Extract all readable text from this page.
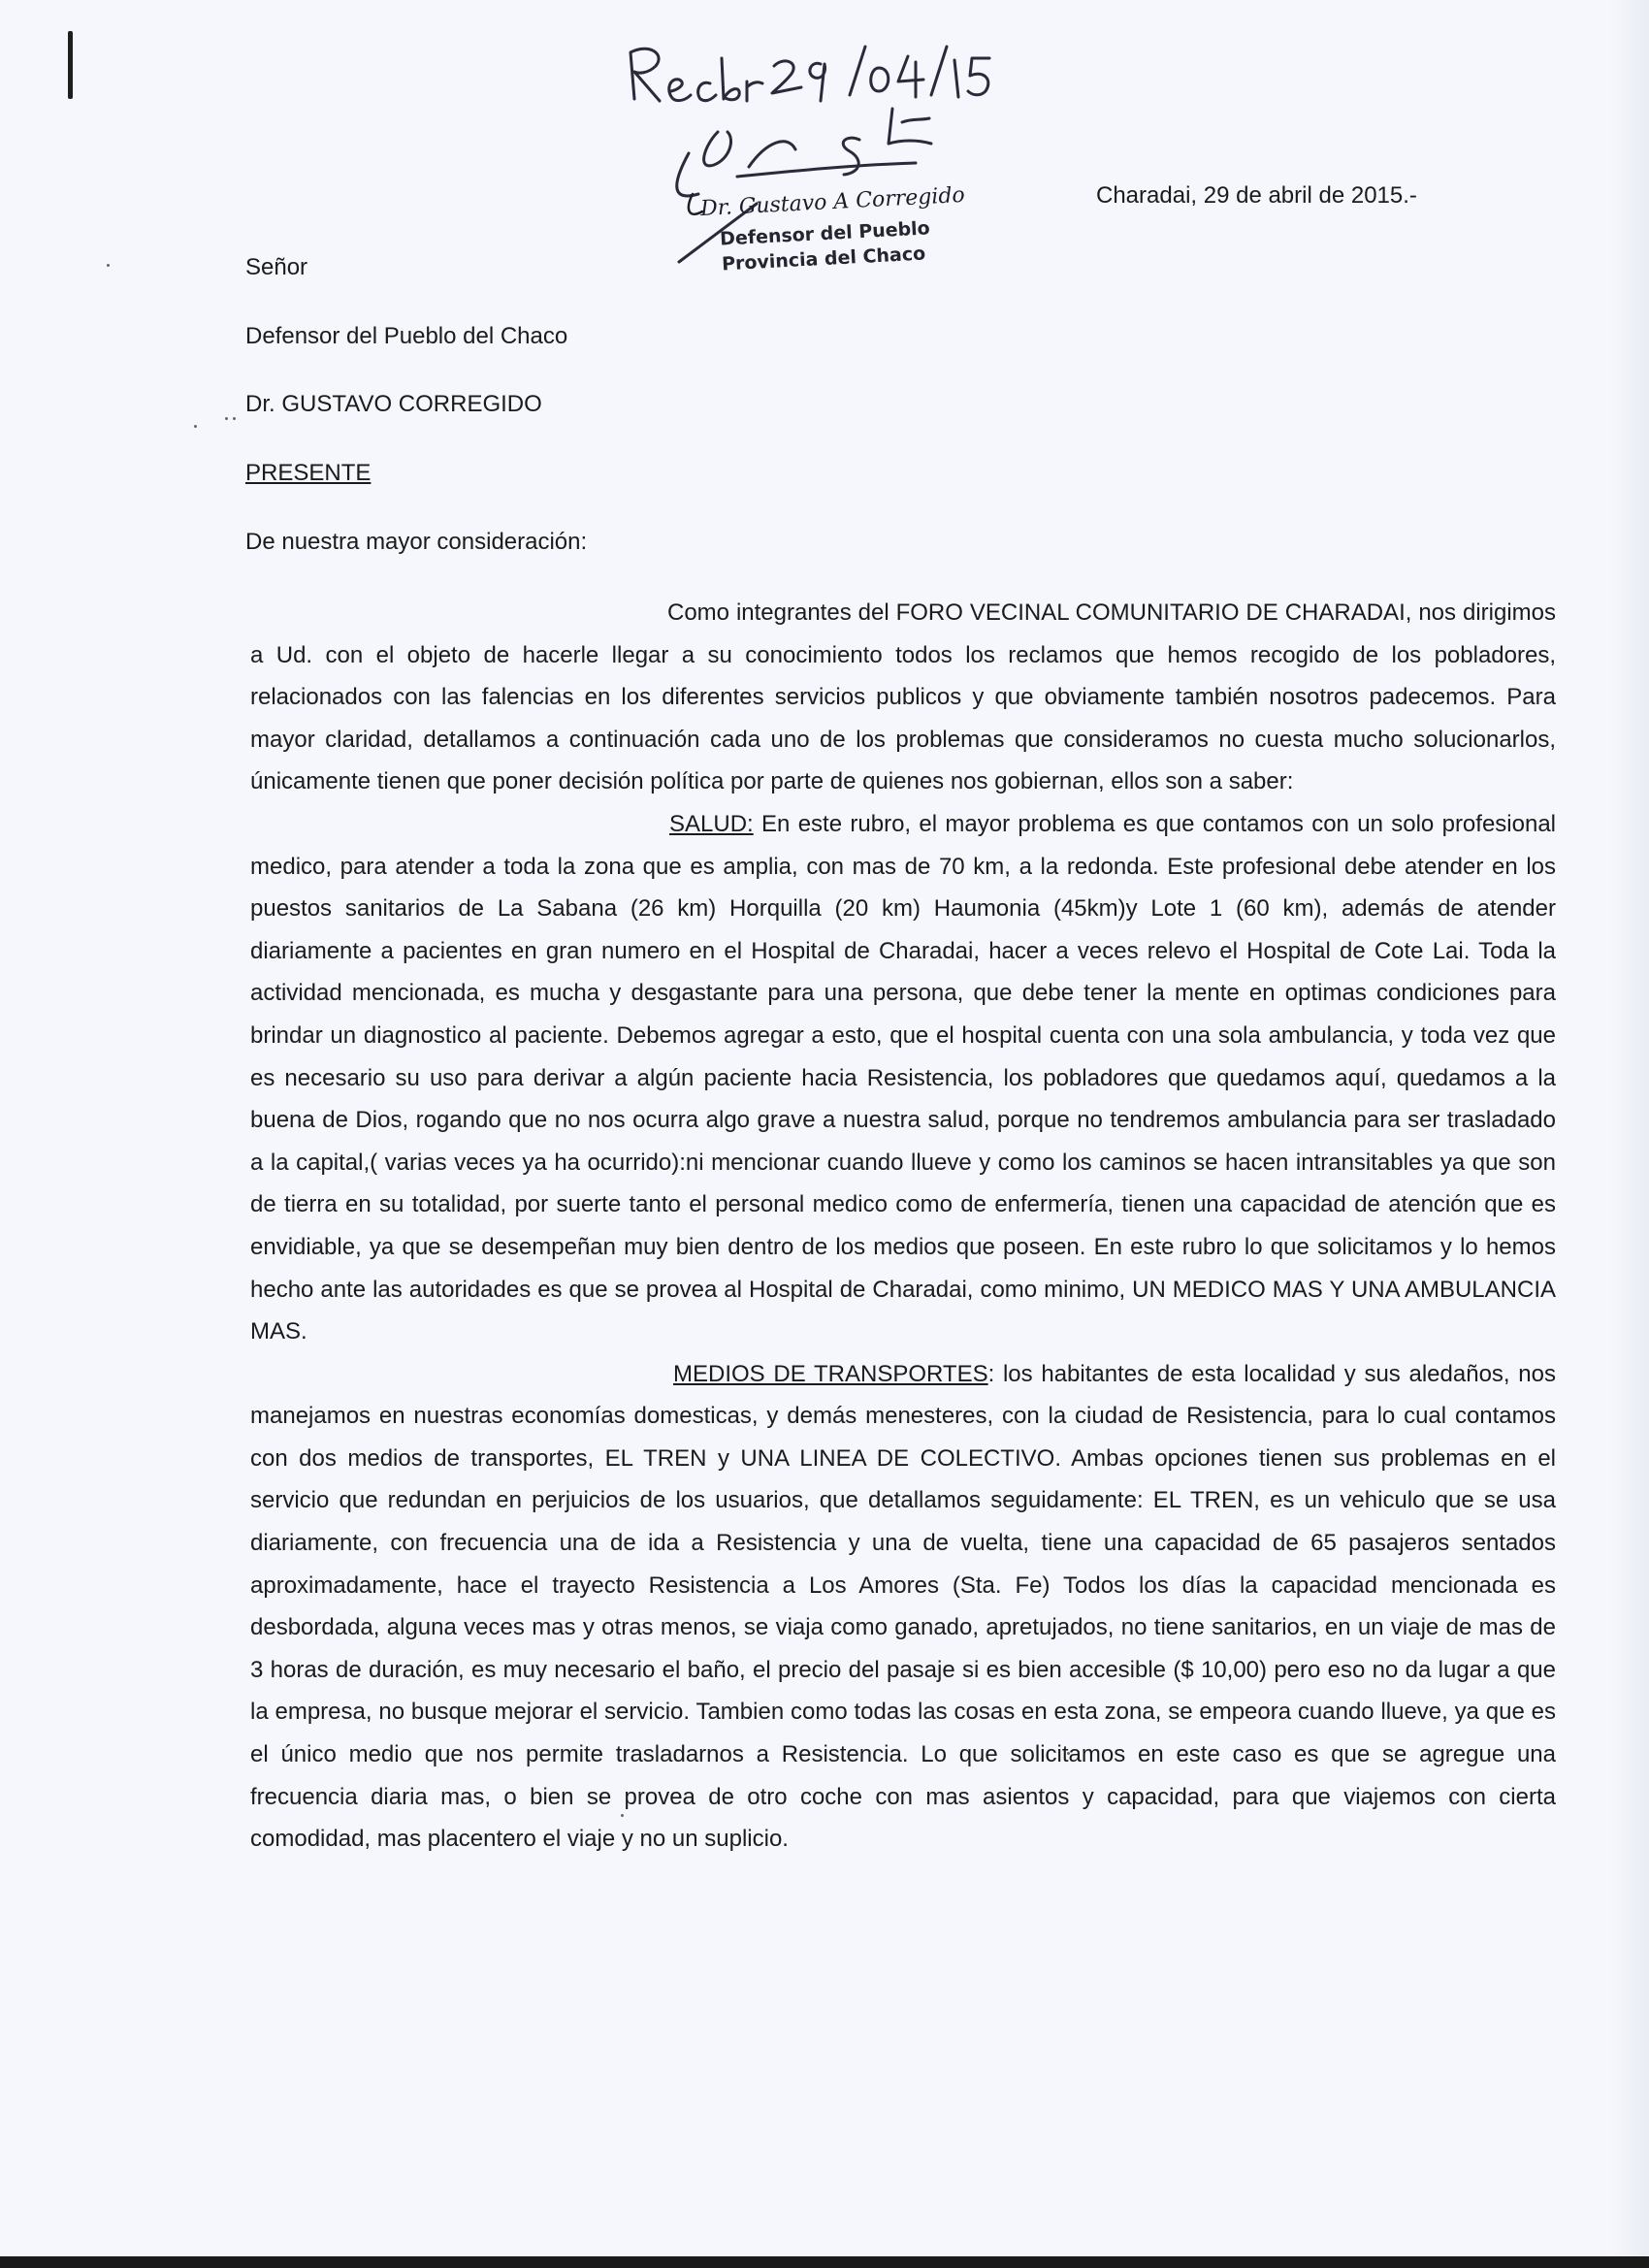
Dr. Gustavo A Corregido
Defensor del Pueblo
Provincia del Chaco
Charadai, 29 de abril de 2015.-
Señor
Defensor del Pueblo del Chaco
Dr. GUSTAVO CORREGIDO
PRESENTE
De nuestra mayor consideración:

Como integrantes del FORO VECINAL COMUNITARIO DE CHARADAI, nos dirigimos a Ud. con el objeto de hacerle llegar a su conocimiento todos los reclamos que hemos recogido de los pobladores, relacionados con las falencias en los diferentes servicios publicos y que obviamente también nosotros padecemos. Para mayor claridad, detallamos a continuación cada uno de los problemas que consideramos no cuesta mucho solucionarlos, únicamente tienen que poner decisión política por parte de quienes nos gobiernan, ellos son a saber:

SALUD: En este rubro, el mayor problema es que contamos con un solo profesional medico, para atender a toda la zona que es amplia, con mas de 70 km, a la redonda. Este profesional debe atender en los puestos sanitarios de La Sabana (26 km) Horquilla (20 km) Haumonia (45km)y Lote 1 (60 km), además de atender diariamente a pacientes en gran numero en el Hospital de Charadai, hacer a veces relevo el Hospital de Cote Lai. Toda la actividad mencionada, es mucha y desgastante para una persona, que debe tener la mente en optimas condiciones para brindar un diagnostico al paciente. Debemos agregar a esto, que el hospital cuenta con una sola ambulancia, y toda vez que es necesario su uso para derivar a algún paciente hacia Resistencia, los pobladores que quedamos aquí, quedamos a la buena de Dios, rogando que no nos ocurra algo grave a nuestra salud, porque no tendremos ambulancia para ser trasladado a la capital,( varias veces ya ha ocurrido):ni mencionar cuando llueve y como los caminos se hacen intransitables ya que son de tierra en su totalidad, por suerte tanto el personal medico como de enfermería, tienen una capacidad de atención que es envidiable, ya que se desempeñan muy bien dentro de los medios que poseen. En este rubro lo que solicitamos y lo hemos hecho ante las autoridades es que se provea al Hospital de Charadai, como minimo, UN MEDICO MAS Y UNA AMBULANCIA MAS.

MEDIOS DE TRANSPORTES: los habitantes de esta localidad y sus aledaños, nos manejamos en nuestras economías domesticas, y demás menesteres, con la ciudad de Resistencia, para lo cual contamos con dos medios de transportes, EL TREN y UNA LINEA DE COLECTIVO. Ambas opciones tienen sus problemas en el servicio que redundan en perjuicios de los usuarios, que detallamos seguidamente: EL TREN, es un vehiculo que se usa diariamente, con frecuencia una de ida a Resistencia y una de vuelta, tiene una capacidad de 65 pasajeros sentados aproximadamente, hace el trayecto Resistencia a Los Amores (Sta. Fe) Todos los días la capacidad mencionada es desbordada, alguna veces mas y otras menos, se viaja como ganado, apretujados, no tiene sanitarios, en un viaje de mas de 3 horas de duración, es muy necesario el baño, el precio del pasaje si es bien accesible ($ 10,00) pero eso no da lugar a que la empresa, no busque mejorar el servicio. Tambien como todas las cosas en esta zona, se empeora cuando llueve, ya que es el único medio que nos permite trasladarnos a Resistencia. Lo que solicitamos en este caso es que se agregue una frecuencia diaria mas, o bien se provea de otro coche con mas asientos y capacidad, para que viajemos con cierta comodidad, mas placentero el viaje y no un suplicio.
